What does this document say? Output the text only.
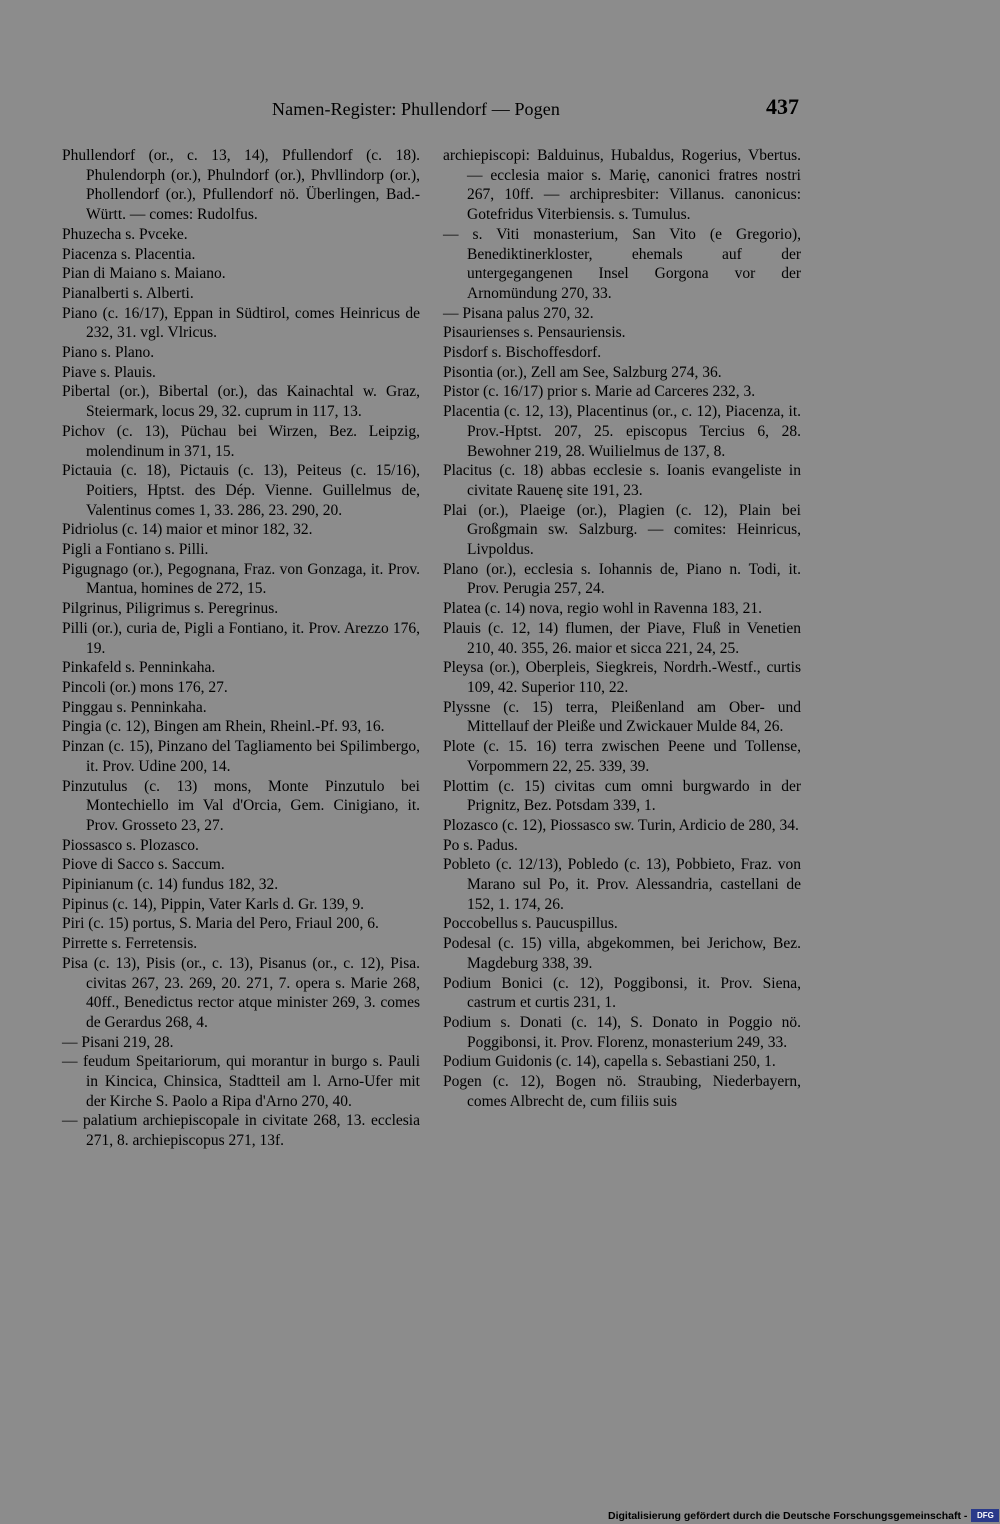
Namen-Register: Phullendorf — Pogen	437

Phullendorf (or., c. 13, 14), Pfullendorf (c. 18). Phulendorph (or.), Phulndorf (or.), Phvllindorp (or.), Phollendorf (or.), Pfullendorf nö. Überlingen, Bad.-Württ. — comes: Rudolfus.

Phuzecha s. Pvceke.

Piacenza s. Placentia.

Pian di Maiano s. Maiano.

Pianalberti s. Alberti.

Piano (c. 16/17), Eppan in Südtirol, comes Heinricus de 232, 31. vgl. Vlricus.

Piano s. Plano.

Piave s. Plauis.

Pibertal (or.), Bibertal (or.), das Kainachtal w. Graz, Steiermark, locus 29, 32. cuprum in 117, 13.

Pichov (c. 13), Püchau bei Wirzen, Bez. Leipzig, molendinum in 371, 15.

Pictauia (c. 18), Pictauis (c. 13), Peiteus (c. 15/16), Poitiers, Hptst. des Dép. Vienne. Guillelmus de, Valentinus comes 1, 33. 286, 23. 290, 20.

Pidriolus (c. 14) maior et minor 182, 32.

Pigli a Fontiano s. Pilli.

Pigugnago (or.), Pegognana, Fraz. von Gonzaga, it. Prov. Mantua, homines de 272, 15.

Pilgrinus, Piligrimus s. Peregrinus.

Pilli (or.), curia de, Pigli a Fontiano, it. Prov. Arezzo 176, 19.

Pinkafeld s. Penninkaha.

Pincoli (or.) mons 176, 27.

Pinggau s. Penninkaha.

Pingia (c. 12), Bingen am Rhein, Rheinl.-Pf. 93, 16.

Pinzan (c. 15), Pinzano del Tagliamento bei Spilimbergo, it. Prov. Udine 200, 14.

Pinzutulus (c. 13) mons, Monte Pinzutulo bei Montechiello im Val d'Orcia, Gem. Cinigiano, it. Prov. Grosseto 23, 27.

Piossasco s. Plozasco.

Piove di Sacco s. Saccum.

Pipinianum (c. 14) fundus 182, 32.

Pipinus (c. 14), Pippin, Vater Karls d. Gr. 139, 9.

Piri (c. 15) portus, S. Maria del Pero, Friaul 200, 6.

Pirrette s. Ferretensis.

Pisa (c. 13), Pisis (or., c. 13), Pisanus (or., c. 12), Pisa. civitas 267, 23. 269, 20. 271, 7. opera s. Marie 268, 40ff., Benedictus rector atque minister 269, 3. comes de Gerardus 268, 4.

— Pisani 219, 28.

— feudum Speitariorum, qui morantur in burgo s. Pauli in Kincica, Chinsica, Stadtteil am l. Arno-Ufer mit der Kirche S. Paolo a Ripa d'Arno 270, 40.

— palatium archiepiscopale in civitate 268, 13. ecclesia 271, 8. archiepiscopus 271, 13f.

archiepiscopi: Balduinus, Hubaldus, Rogerius, Vbertus. — ecclesia maior s. Marię, canonici fratres nostri 267, 10ff. — archipresbiter: Villanus. canonicus: Gotefridus Viterbiensis. s. Tumulus.

— s. Viti monasterium, San Vito (e Gregorio), Benediktinerkloster, ehemals auf der untergegangenen Insel Gorgona vor der Arnomündung 270, 33.

— Pisana palus 270, 32.

Pisaurienses s. Pensauriensis.

Pisdorf s. Bischoffesdorf.

Pisontia (or.), Zell am See, Salzburg 274, 36.

Pistor (c. 16/17) prior s. Marie ad Carceres 232, 3.

Placentia (c. 12, 13), Placentinus (or., c. 12), Piacenza, it. Prov.-Hptst. 207, 25. episcopus Tercius 6, 28. Bewohner 219, 28. Wuilielmus de 137, 8.

Placitus (c. 18) abbas ecclesie s. Ioanis evangeliste in civitate Rauenę site 191, 23.

Plai (or.), Plaeige (or.), Plagien (c. 12), Plain bei Großgmain sw. Salzburg. — comites: Heinricus, Livpoldus.

Plano (or.), ecclesia s. Iohannis de, Piano n. Todi, it. Prov. Perugia 257, 24.

Platea (c. 14) nova, regio wohl in Ravenna 183, 21.

Plauis (c. 12, 14) flumen, der Piave, Fluß in Venetien 210, 40. 355, 26. maior et sicca 221, 24, 25.

Pleysa (or.), Oberpleis, Siegkreis, Nordrh.-Westf., curtis 109, 42. Superior 110, 22.

Plyssne (c. 15) terra, Pleißenland am Ober- und Mittellauf der Pleiße und Zwickauer Mulde 84, 26.

Plote (c. 15. 16) terra zwischen Peene und Tollense, Vorpommern 22, 25. 339, 39.

Plottim (c. 15) civitas cum omni burgwardo in der Prignitz, Bez. Potsdam 339, 1.

Plozasco (c. 12), Piossasco sw. Turin, Ardicio de 280, 34.

Po s. Padus.

Pobleto (c. 12/13), Pobledo (c. 13), Pobbieto, Fraz. von Marano sul Po, it. Prov. Alessandria, castellani de 152, 1. 174, 26.

Poccobellus s. Paucuspillus.

Podesal (c. 15) villa, abgekommen, bei Jerichow, Bez. Magdeburg 338, 39.

Podium Bonici (c. 12), Poggibonsi, it. Prov. Siena, castrum et curtis 231, 1.

Podium s. Donati (c. 14), S. Donato in Poggio nö. Poggibonsi, it. Prov. Florenz, monasterium 249, 33.

Podium Guidonis (c. 14), capella s. Sebastiani 250, 1.

Pogen (c. 12), Bogen nö. Straubing, Niederbayern, comes Albrecht de, cum filiis suis

Digitalisierung gefördert durch die Deutsche Forschungsgemeinschaft -	DFG
